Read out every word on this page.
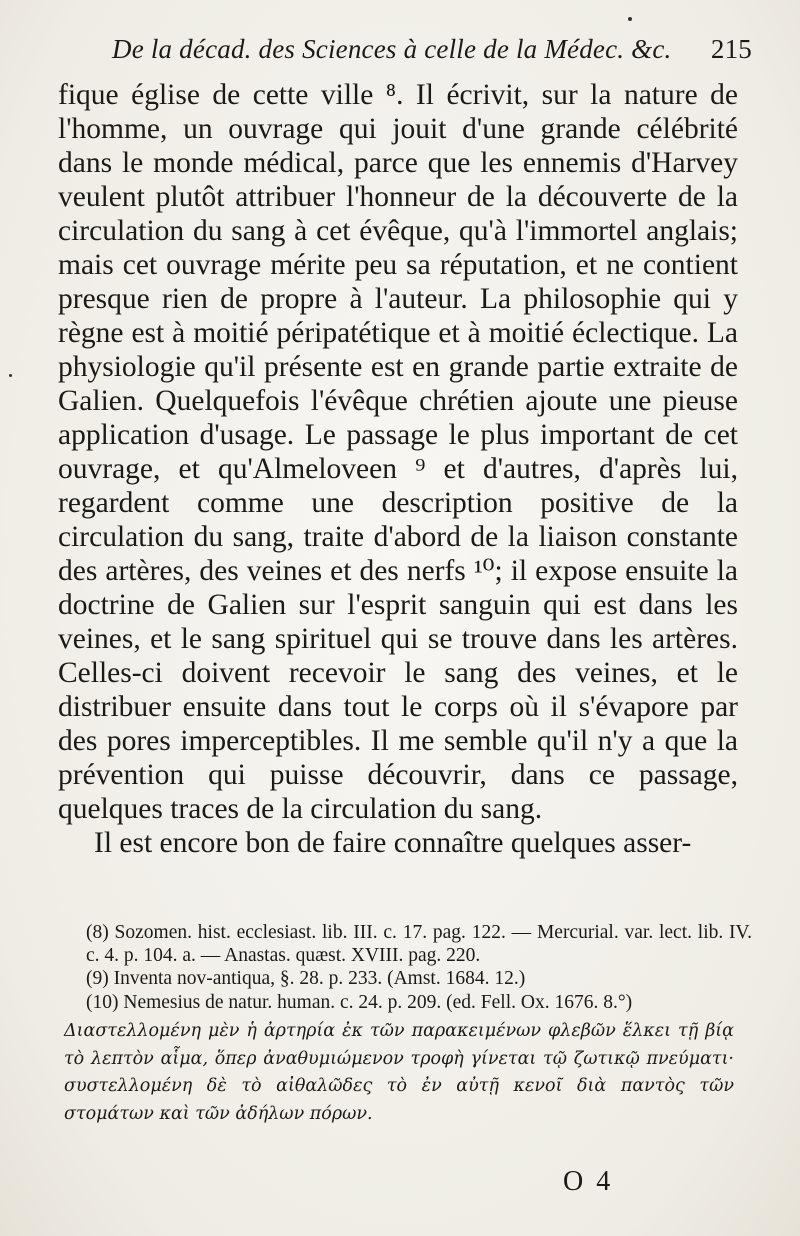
De la décad. des Sciences à celle de la Médec. &c. 215

fique église de cette ville ⁸. Il écrivit, sur la nature de l'homme, un ouvrage qui jouit d'une grande célébrité dans le monde médical, parce que les ennemis d'Harvey veulent plutôt attribuer l'honneur de la découverte de la circulation du sang à cet évêque, qu'à l'immortel anglais; mais cet ouvrage mérite peu sa réputation, et ne contient presque rien de propre à l'auteur. La philosophie qui y règne est à moitié péripatétique et à moitié éclectique. La physiologie qu'il présente est en grande partie extraite de Galien. Quelquefois l'évêque chrétien ajoute une pieuse application d'usage. Le passage le plus important de cet ouvrage, et qu'Almeloveen ⁹ et d'autres, d'après lui, regardent comme une description positive de la circulation du sang, traite d'abord de la liaison constante des artères, des veines et des nerfs ¹⁰; il expose ensuite la doctrine de Galien sur l'esprit sanguin qui est dans les veines, et le sang spirituel qui se trouve dans les artères. Celles-ci doivent recevoir le sang des veines, et le distribuer ensuite dans tout le corps où il s'évapore par des pores imperceptibles. Il me semble qu'il n'y a que la prévention qui puisse découvrir, dans ce passage, quelques traces de la circulation du sang.

Il est encore bon de faire connaître quelques asser-

(8) Sozomen. hist. ecclesiast. lib. III. c. 17. pag. 122. — Mercurial. var. lect. lib. IV. c. 4. p. 104. a. — Anastas. quæst. XVIII. pag. 220.

(9) Inventa nov-antiqua, §. 28. p. 233. (Amst. 1684. 12.)

(10) Nemesius de natur. human. c. 24. p. 209. (ed. Fell. Ox. 1676. 8.°)

Διαστελλομένη μὲν ἡ ἀρτηρία ἐκ τῶν παρακειμένων φλεβῶν ἕλκει τῇ βίᾳ τὸ λεπτὸν αἷμα, ὅπερ ἀναθυμιώμενον τροφὴ γίνεται τῷ ζωτικῷ πνεύματι· συστελλομένη δὲ τὸ αἰθαλῶδες τὸ ἐν αὐτῇ κενοῖ διὰ παντὸς τῶν στομάτων καὶ τῶν ἀδήλων πόρων.

O 4
